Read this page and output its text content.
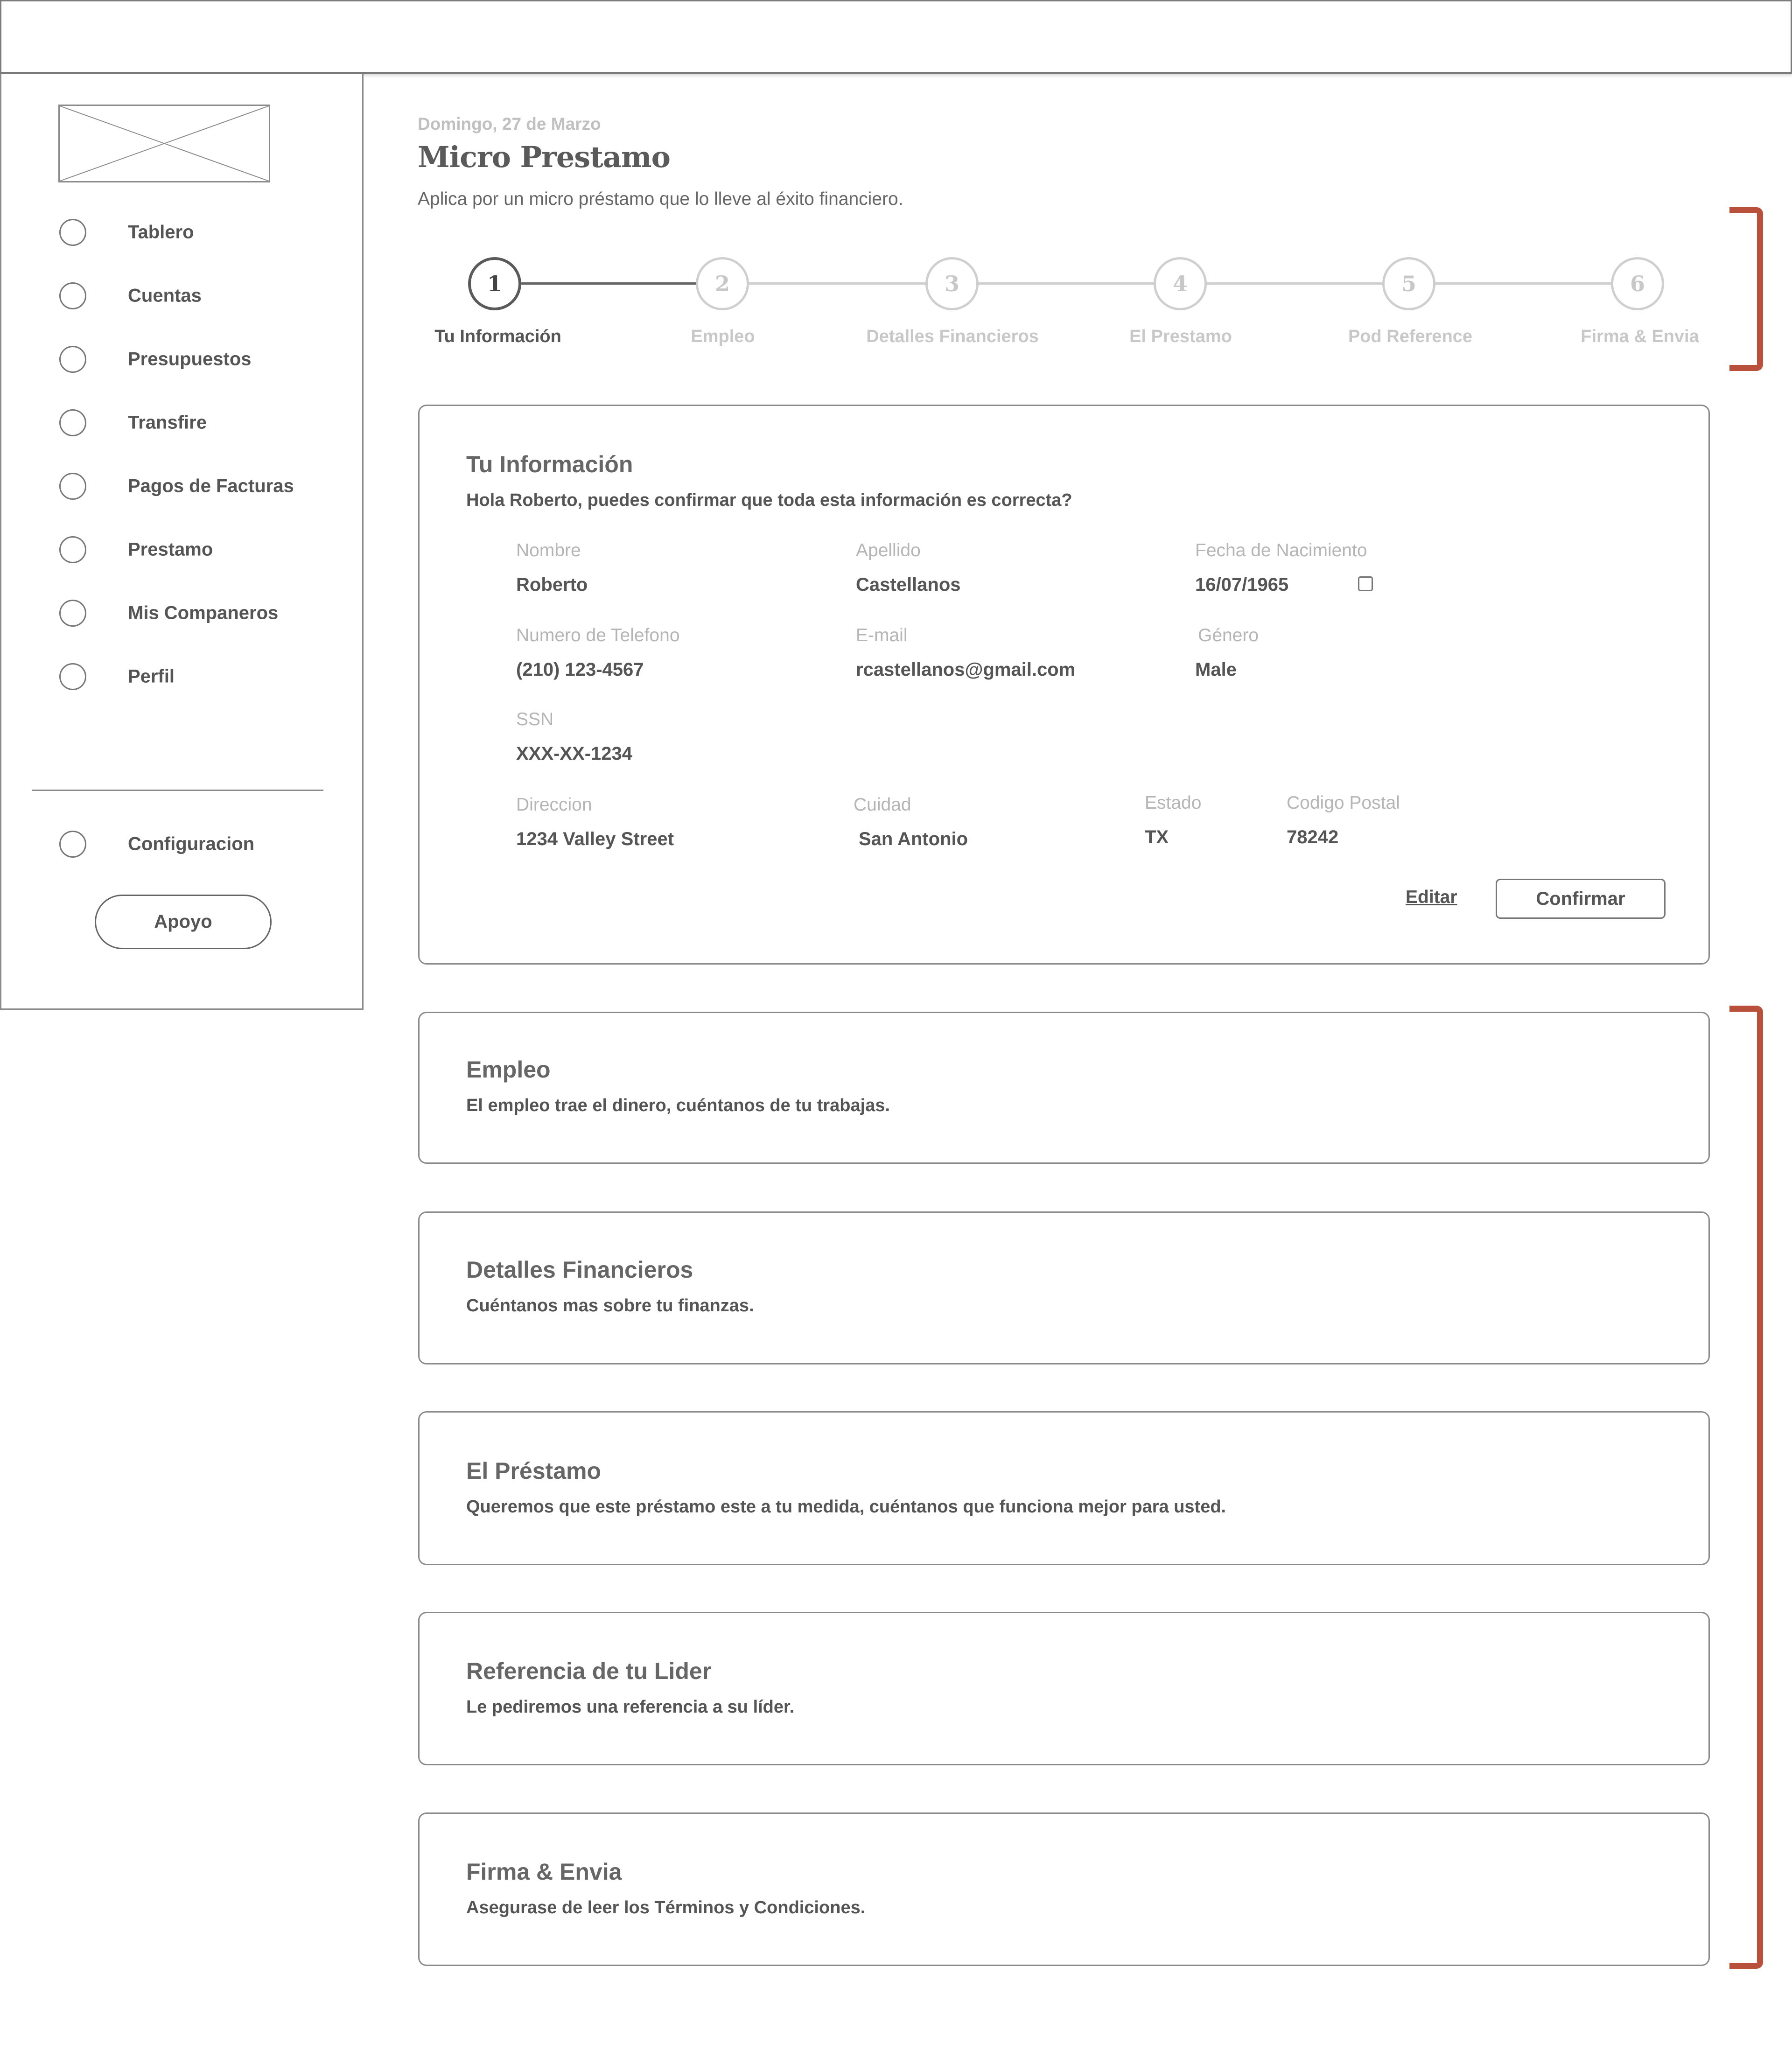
Tablero
Cuentas
Presupuestos
Transfire
Pagos de Facturas
Prestamo
Mis Companeros
Perfil
Configuracion
Apoyo
Domingo, 27 de Marzo
Micro Prestamo
Aplica por un micro préstamo que lo lleve al éxito financiero.
1	2	3	4	5	6
Tu Información	Empleo	Detalles Financieros	El Prestamo	Pod Reference	Firma & Envia
Tu Información
Hola Roberto, puedes confirmar que toda esta información es correcta?
Nombre
Roberto
Apellido
Castellanos
Fecha de Nacimiento
16/07/1965
Numero de Telefono
(210) 123-4567
E-mail
rcastellanos@gmail.com
Género
Male
SSN
XXX-XX-1234
Direccion
1234 Valley Street
Cuidad
San Antonio
Estado
TX
Codigo Postal
78242
Editar	Confirmar
Empleo
El empleo trae el dinero, cuéntanos de tu trabajas.
Detalles Financieros
Cuéntanos mas sobre tu finanzas.
El Préstamo
Queremos que este préstamo este a tu medida, cuéntanos que funciona mejor para usted.
Referencia de tu Lider
Le pediremos una referencia a su líder.
Firma & Envia
Asegurase de leer los Términos y Condiciones.
